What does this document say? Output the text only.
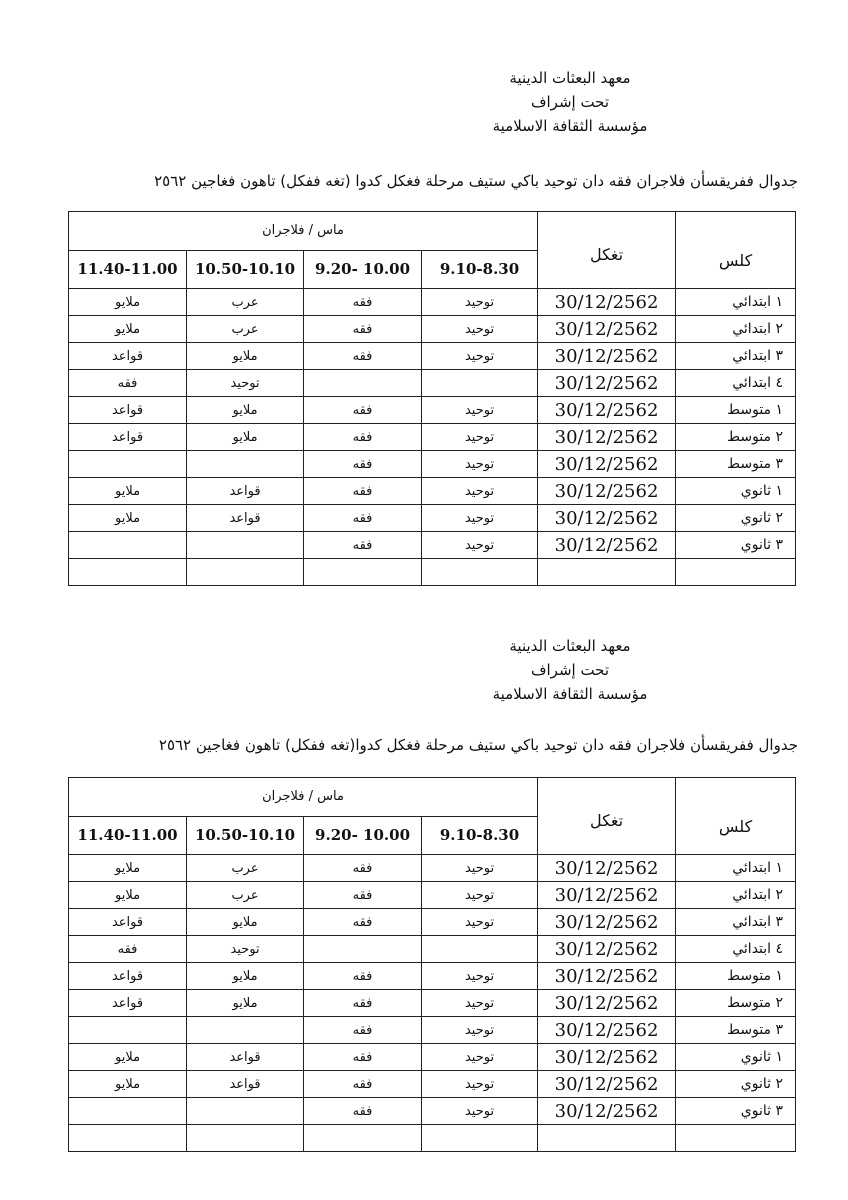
معهد البعثات الدينية
تحت إشراف
مؤسسة الثقافة الاسلامية
جدوال ففريقسأن فلاجران فقه دان توحيد باكي ستيف مرحلة فغكل كدوا (تغه ففكل) تاهون فغاجين ٢٥٦٢
كلس	تغكل	ماس / فلاجران			
		9.10-8.30	10.00 -9.20	10.50-10.10	11.40-11.00
١ ابتدائي	30/12/2562	توحيد	فقه	عرب	ملايو
٢ ابتدائي	30/12/2562	توحيد	فقه	عرب	ملايو
٣ ابتدائي	30/12/2562	توحيد	فقه	ملايو	قواعد
٤ ابتدائي	30/12/2562			توحيد	فقه
١ متوسط	30/12/2562	توحيد	فقه	ملايو	قواعد
٢ متوسط	30/12/2562	توحيد	فقه	ملايو	قواعد
٣ متوسط	30/12/2562	توحيد	فقه		
١ ثانوي	30/12/2562	توحيد	فقه	قواعد	ملايو
٢ ثانوي	30/12/2562	توحيد	فقه	قواعد	ملايو
٣ ثانوي	30/12/2562	توحيد	فقه		

معهد البعثات الدينية
تحت إشراف
مؤسسة الثقافة الاسلامية
جدوال ففريقسأن فلاجران فقه دان توحيد باكي ستيف مرحلة فغكل كدوا(تغه ففكل) تاهون فغاجين ٢٥٦٢
كلس	تغكل	ماس / فلاجران			
		9.10-8.30	10.00 -9.20	10.50-10.10	11.40-11.00
١ ابتدائي	30/12/2562	توحيد	فقه	عرب	ملايو
٢ ابتدائي	30/12/2562	توحيد	فقه	عرب	ملايو
٣ ابتدائي	30/12/2562	توحيد	فقه	ملايو	قواعد
٤ ابتدائي	30/12/2562			توحيد	فقه
١ متوسط	30/12/2562	توحيد	فقه	ملايو	قواعد
٢ متوسط	30/12/2562	توحيد	فقه	ملايو	قواعد
٣ متوسط	30/12/2562	توحيد	فقه		
١ ثانوي	30/12/2562	توحيد	فقه	قواعد	ملايو
٢ ثانوي	30/12/2562	توحيد	فقه	قواعد	ملايو
٣ ثانوي	30/12/2562	توحيد	فقه		
